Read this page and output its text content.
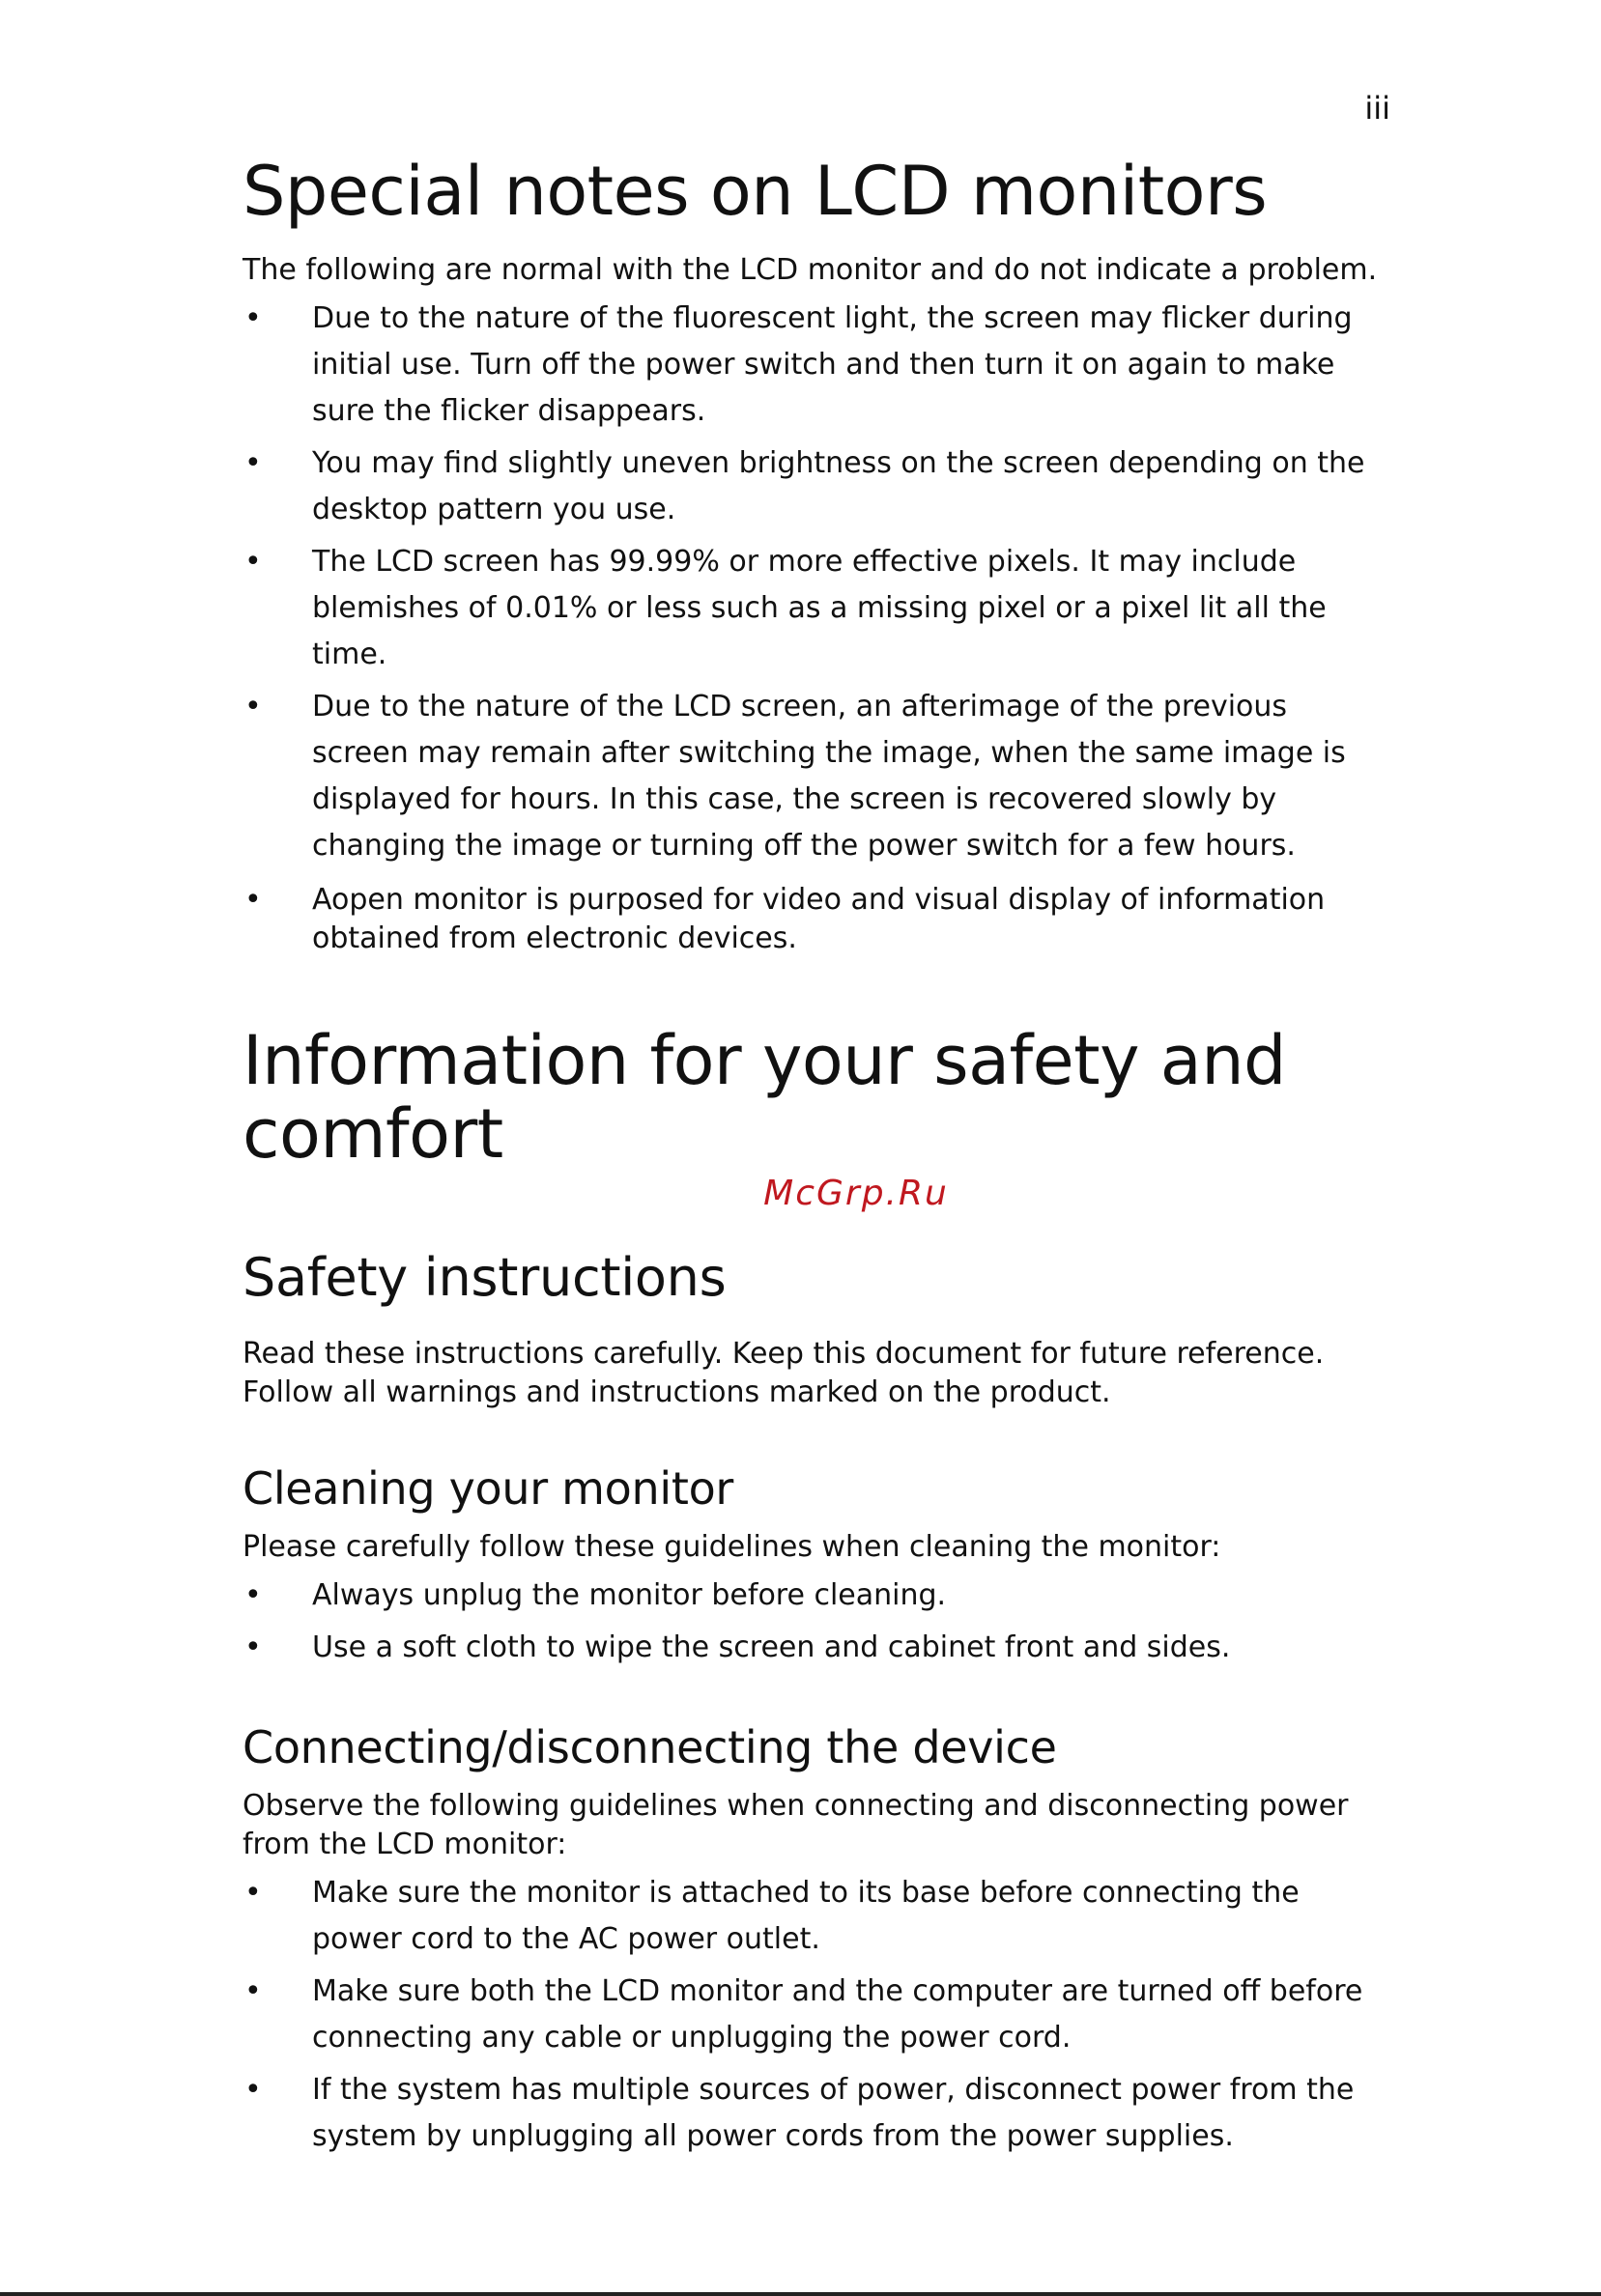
iii
Special notes on LCD monitors

The following are normal with the LCD monitor and do not indicate a problem.

• Due to the nature of the fluorescent light, the screen may flicker during initial use. Turn off the power switch and then turn it on again to make sure the flicker disappears.
• You may find slightly uneven brightness on the screen depending on the desktop pattern you use.
• The LCD screen has 99.99% or more effective pixels. It may include blemishes of 0.01% or less such as a missing pixel or a pixel lit all the time.
• Due to the nature of the LCD screen, an afterimage of the previous screen may remain after switching the image, when the same image is displayed for hours. In this case, the screen is recovered slowly by changing the image or turning off the power switch for a few hours.
• Aopen monitor is purposed for video and visual display of information obtained from electronic devices.
Information for your safety and comfort
McGrp.Ru
Safety instructions

Read these instructions carefully. Keep this document for future reference. Follow all warnings and instructions marked on the product.

Cleaning your monitor

Please carefully follow these guidelines when cleaning the monitor:

• Always unplug the monitor before cleaning.
• Use a soft cloth to wipe the screen and cabinet front and sides.
Connecting/disconnecting the device

Observe the following guidelines when connecting and disconnecting power from the LCD monitor:

• Make sure the monitor is attached to its base before connecting the power cord to the AC power outlet.
• Make sure both the LCD monitor and the computer are turned off before connecting any cable or unplugging the power cord.
• If the system has multiple sources of power, disconnect power from the system by unplugging all power cords from the power supplies.
